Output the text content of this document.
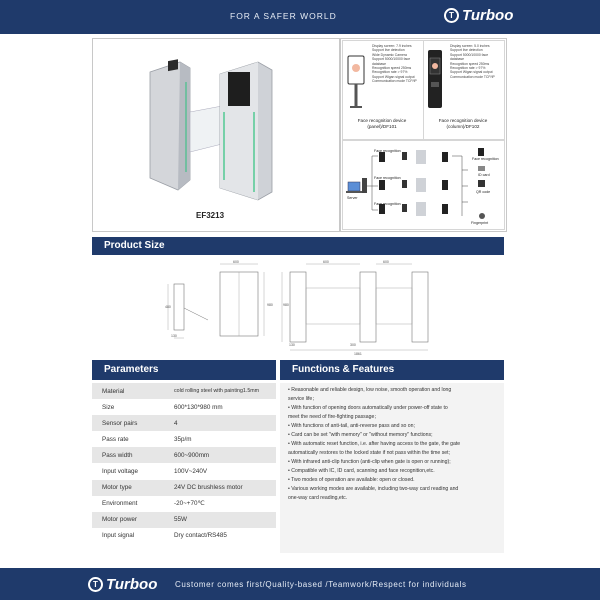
FOR A SAFER WORLD	T Turboo
EF3213
Display screen: 7.9 inches
Support live detection
Wide Dynamic Camera
Support 5000/10000 face database
Recognition speed 250ms Recognition rate > 97%
Support Wigan signal output
Communication mode TCP/IP
Face recognition device
(panel)/DF101
Display screen: 5.0 inches
Support live detection
Support 5000/10000 face database
Recognition speed 250ms Recognition rate > 97%
Support Wigan signal output
Communication mode TCP/IP
Face recognition device
(column)/DF102
Server
Face recognition
Face recognition
Face recognition
Face recognition
ID card
QR code
Fingerprint
Product Size
480
130
600
980
600	600
980
130	300
1861
Parameters
Material	cold rolling steel with painting1.5mm
Size	600*130*980 mm
Sensor pairs	4
Pass rate	35p/m
Pass width	600~900mm
Input voltage	100V~240V
Motor type	24V DC brushless motor
Environment	-20~+70℃
Motor power	55W
Input signal	Dry contact/RS485
Functions & Features
• Reasonable and reliable design, low noise, smooth operation and long
service life；
• With function of opening doors automatically under power-off state to
meet the need of fire-fighting passage；
• With functions of anti-tail, anti-reverse pass and so on;
• Card can be set "with memory" or "without memory" functions;
• With automatic reset function, i.e. after having access to the gate, the gate
automatically restores to the locked state if not pass within the time set;
• With infrared anti-clip function (anti-clip when gate is open or running);
• Compatible with IC, ID card, scanning and face recognition,etc.
• Two modes of operation are available: open or closed.
• Various working modes are available, including two-way card reading and
one-way card reading,etc.
T Turboo Customer comes first/Quality-based /Teamwork/Respect for individuals
